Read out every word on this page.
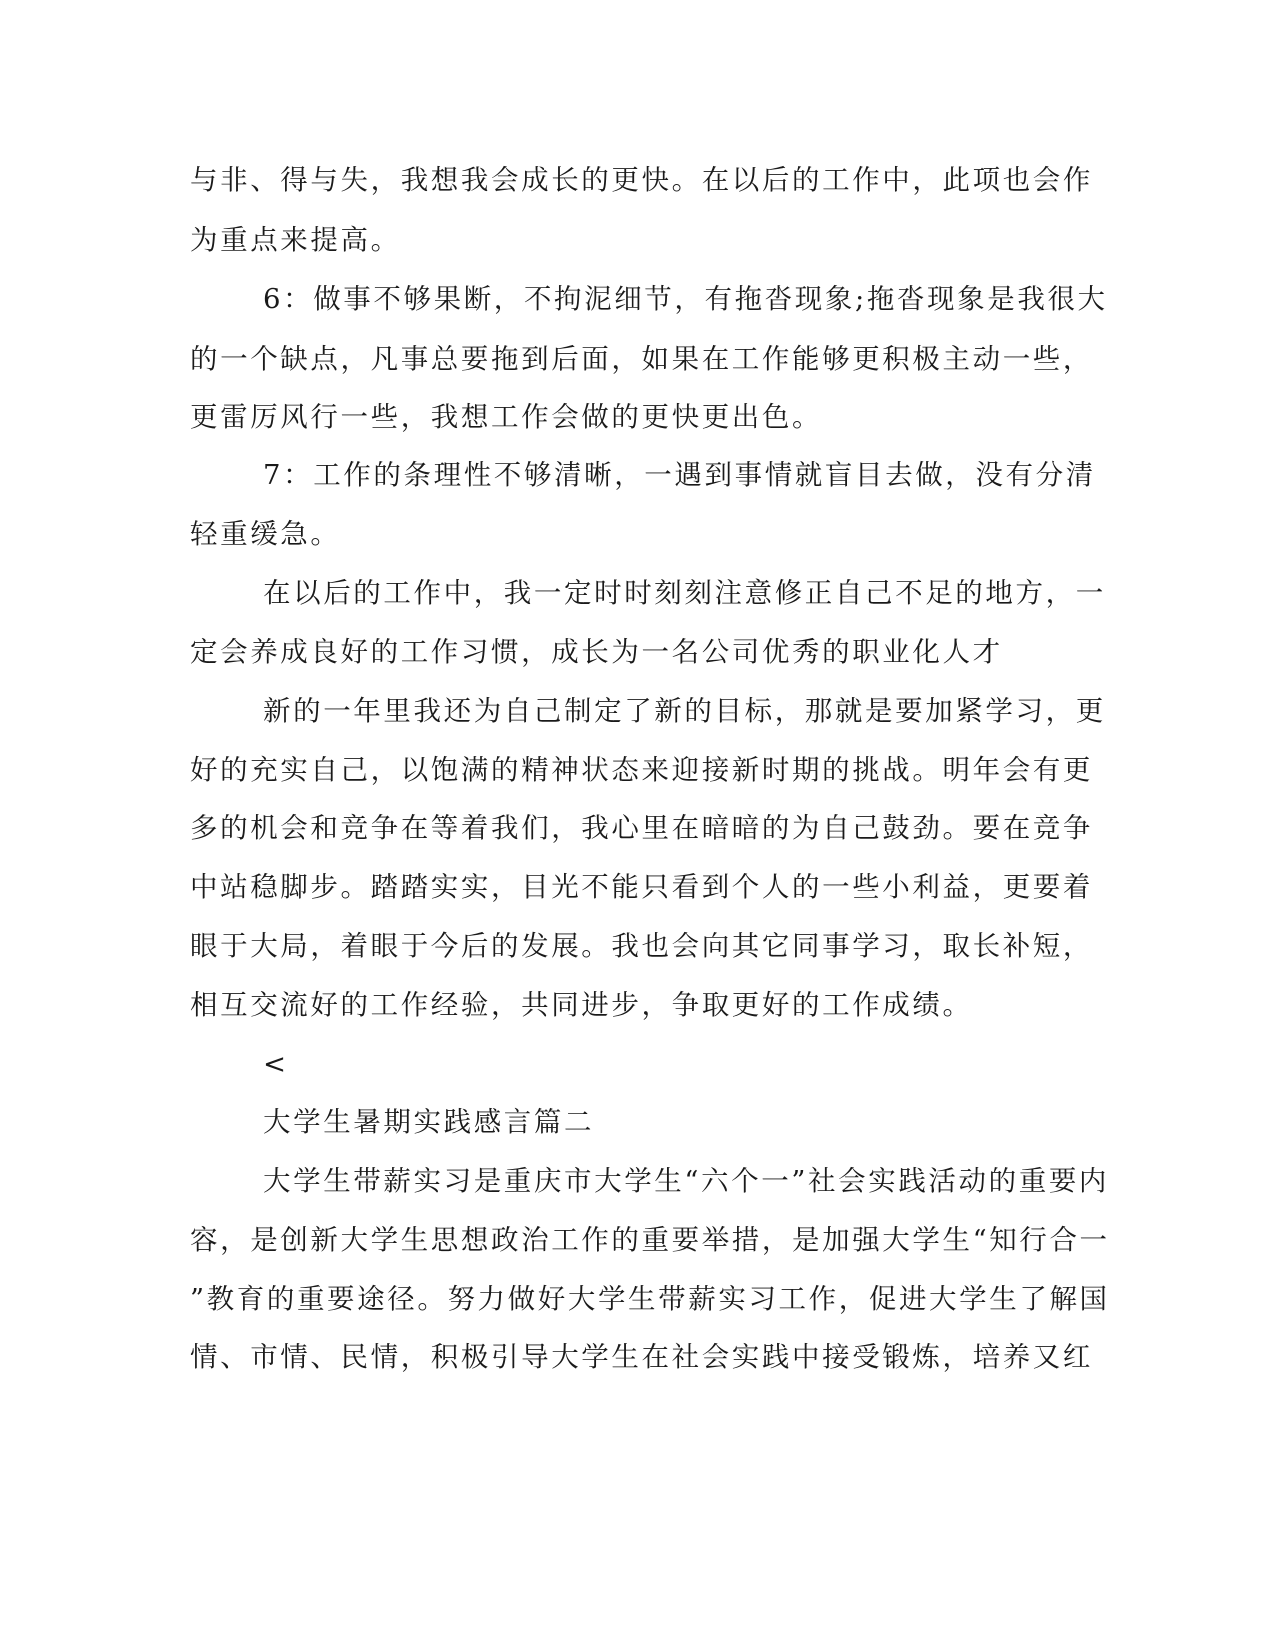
与非、得与失，我想我会成长的更快。在以后的工作中，此项也会作
为重点来提高。
6：做事不够果断，不拘泥细节，有拖沓现象;拖沓现象是我很大
的一个缺点，凡事总要拖到后面，如果在工作能够更积极主动一些，
更雷厉风行一些，我想工作会做的更快更出色。
7：工作的条理性不够清晰，一遇到事情就盲目去做，没有分清
轻重缓急。
在以后的工作中，我一定时时刻刻注意修正自己不足的地方，一
定会养成良好的工作习惯，成长为一名公司优秀的职业化人才
新的一年里我还为自己制定了新的目标，那就是要加紧学习，更
好的充实自己，以饱满的精神状态来迎接新时期的挑战。明年会有更
多的机会和竞争在等着我们，我心里在暗暗的为自己鼓劲。要在竞争
中站稳脚步。踏踏实实，目光不能只看到个人的一些小利益，更要着
眼于大局，着眼于今后的发展。我也会向其它同事学习，取长补短，
相互交流好的工作经验，共同进步，争取更好的工作成绩。
<
大学生暑期实践感言篇二
大学生带薪实习是重庆市大学生“六个一”社会实践活动的重要内
容，是创新大学生思想政治工作的重要举措，是加强大学生“知行合一
”教育的重要途径。努力做好大学生带薪实习工作，促进大学生了解国
情、市情、民情，积极引导大学生在社会实践中接受锻炼，培养又红
